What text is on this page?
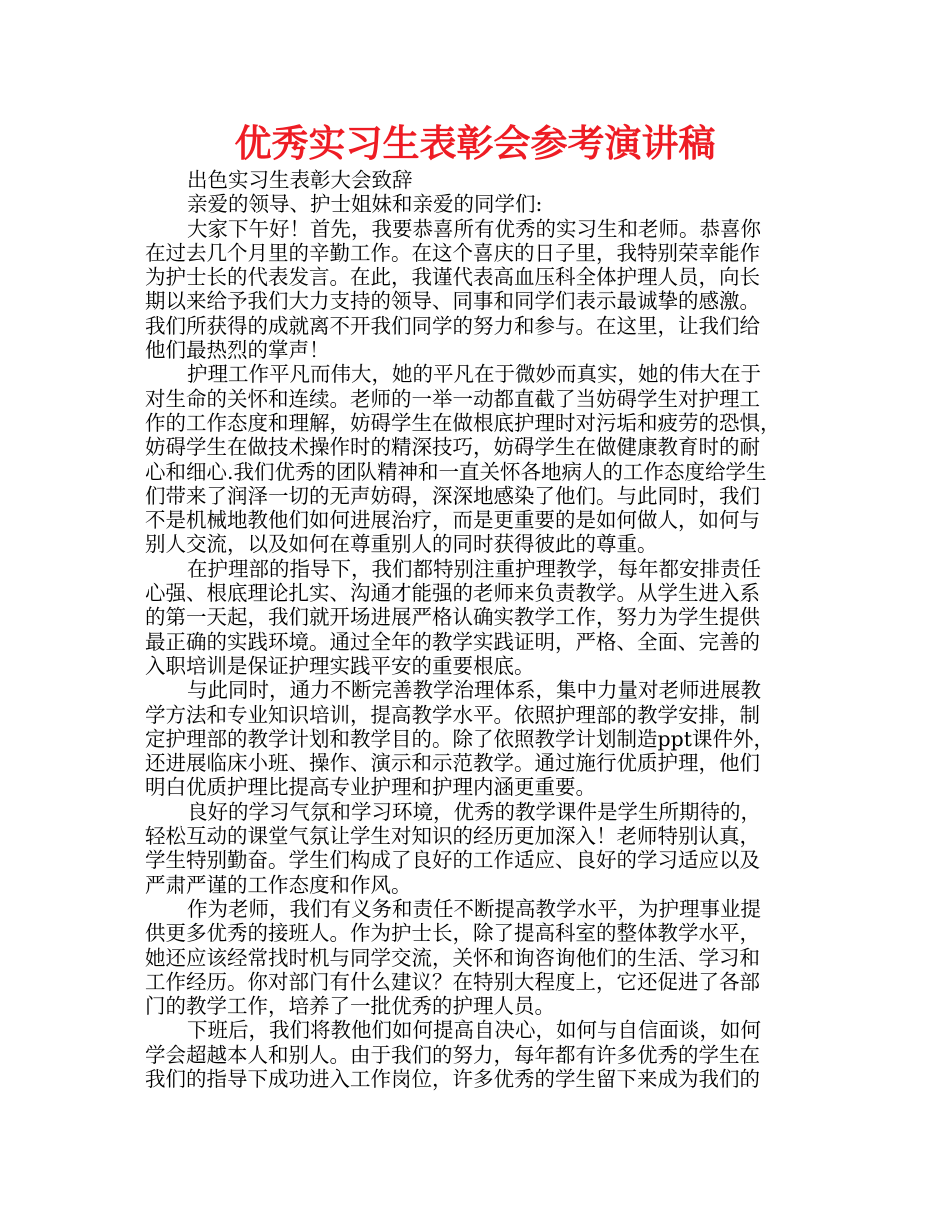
优秀实习生表彰会参考演讲稿
出色实习生表彰大会致辞
亲爱的领导、护士姐妹和亲爱的同学们:
大家下午好！首先，我要恭喜所有优秀的实习生和老师。恭喜你
在过去几个月里的辛勤工作。在这个喜庆的日子里，我特别荣幸能作
为护士长的代表发言。在此，我谨代表高血压科全体护理人员，向长
期以来给予我们大力支持的领导、同事和同学们表示最诚挚的感激。
我们所获得的成就离不开我们同学的努力和参与。在这里，让我们给
他们最热烈的掌声！
护理工作平凡而伟大，她的平凡在于微妙而真实，她的伟大在于
对生命的关怀和连续。老师的一举一动都直截了当妨碍学生对护理工
作的工作态度和理解，妨碍学生在做根底护理时对污垢和疲劳的恐惧，
妨碍学生在做技术操作时的精深技巧，妨碍学生在做健康教育时的耐
心和细心.我们优秀的团队精神和一直关怀各地病人的工作态度给学生
们带来了润泽一切的无声妨碍，深深地感染了他们。与此同时，我们
不是机械地教他们如何进展治疗，而是更重要的是如何做人，如何与
别人交流，以及如何在尊重别人的同时获得彼此的尊重。
在护理部的指导下，我们都特别注重护理教学，每年都安排责任
心强、根底理论扎实、沟通才能强的老师来负责教学。从学生进入系
的第一天起，我们就开场进展严格认确实教学工作，努力为学生提供
最正确的实践环境。通过全年的教学实践证明，严格、全面、完善的
入职培训是保证护理实践平安的重要根底。
与此同时，通力不断完善教学治理体系，集中力量对老师进展教
学方法和专业知识培训，提高教学水平。依照护理部的教学安排，制
定护理部的教学计划和教学目的。除了依照教学计划制造ppt课件外，
还进展临床小班、操作、演示和示范教学。通过施行优质护理，他们
明白优质护理比提高专业护理和护理内涵更重要。
良好的学习气氛和学习环境，优秀的教学课件是学生所期待的，
轻松互动的课堂气氛让学生对知识的经历更加深入！老师特别认真，
学生特别勤奋。学生们构成了良好的工作适应、良好的学习适应以及
严肃严谨的工作态度和作风。
作为老师，我们有义务和责任不断提高教学水平，为护理事业提
供更多优秀的接班人。作为护士长，除了提高科室的整体教学水平，
她还应该经常找时机与同学交流，关怀和询咨询他们的生活、学习和
工作经历。你对部门有什么建议？在特别大程度上，它还促进了各部
门的教学工作，培养了一批优秀的护理人员。
下班后，我们将教他们如何提高自决心，如何与自信面谈，如何
学会超越本人和别人。由于我们的努力，每年都有许多优秀的学生在
我们的指导下成功进入工作岗位，许多优秀的学生留下来成为我们的
